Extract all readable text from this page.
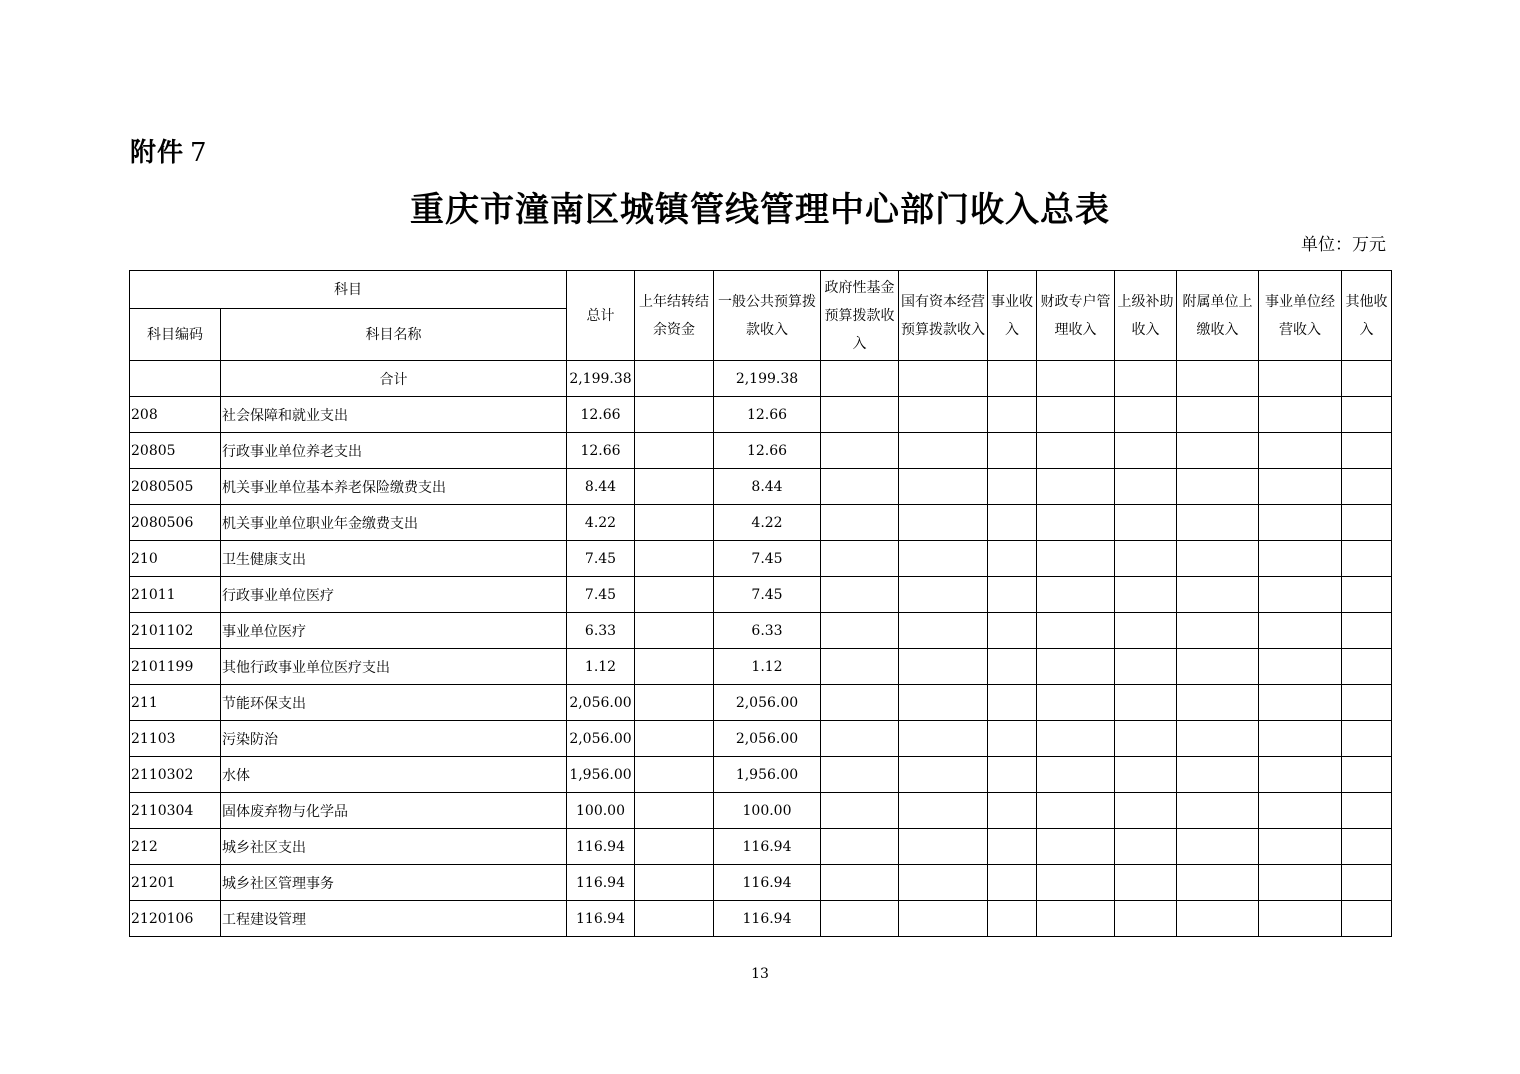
附件 7
重庆市潼南区城镇管线管理中心部门收入总表
单位：万元
科目		总计	上年结转结余资金	一般公共预算拨款收入	政府性基金预算拨款收入	国有资本经营预算拨款收入	事业收入	财政专户管理收入	上级补助收入	附属单位上缴收入	事业单位经营收入	其他收入
科目编码	科目名称											
	合计	2,199.38		2,199.38								
208	社会保障和就业支出	12.66		12.66								
20805	行政事业单位养老支出	12.66		12.66								
2080505	机关事业单位基本养老保险缴费支出	8.44		8.44								
2080506	机关事业单位职业年金缴费支出	4.22		4.22								
210	卫生健康支出	7.45		7.45								
21011	行政事业单位医疗	7.45		7.45								
2101102	事业单位医疗	6.33		6.33								
2101199	其他行政事业单位医疗支出	1.12		1.12								
211	节能环保支出	2,056.00		2,056.00								
21103	污染防治	2,056.00		2,056.00								
2110302	水体	1,956.00		1,956.00								
2110304	固体废弃物与化学品	100.00		100.00								
212	城乡社区支出	116.94		116.94								
21201	城乡社区管理事务	116.94		116.94								
2120106	工程建设管理	116.94		116.94								
13
